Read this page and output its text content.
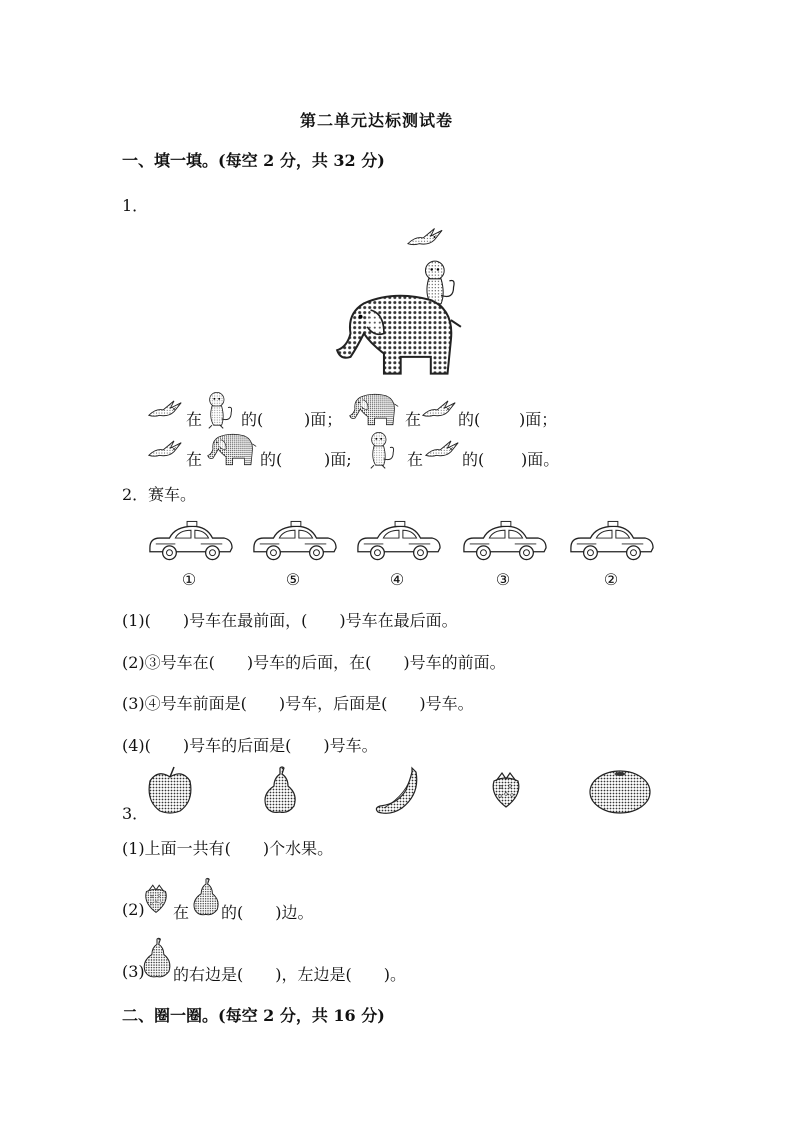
第二单元达标测试卷
一、填一填。(每空 2 分，共 32 分)
1．
在 的(	)面；	在 的( )面；
在	的(	)面;	在 的( )面。
2． 赛车。
①	⑤	④	③	②
(1)(　　)号车在最前面，(　　)号车在最后面。
(2)③号车在(　　)号车的后面，在(　　)号车的前面。
(3)④号车前面是(　　)号车，后面是(　　)号车。
(4)(　　)号车的后面是(　　)号车。
3．
(1)上面一共有(　　)个水果。
(2) 在 的(　　)边。
(3) 的右边是(　　)，左边是(　　)。
二、圈一圈。(每空 2 分，共 16 分)
